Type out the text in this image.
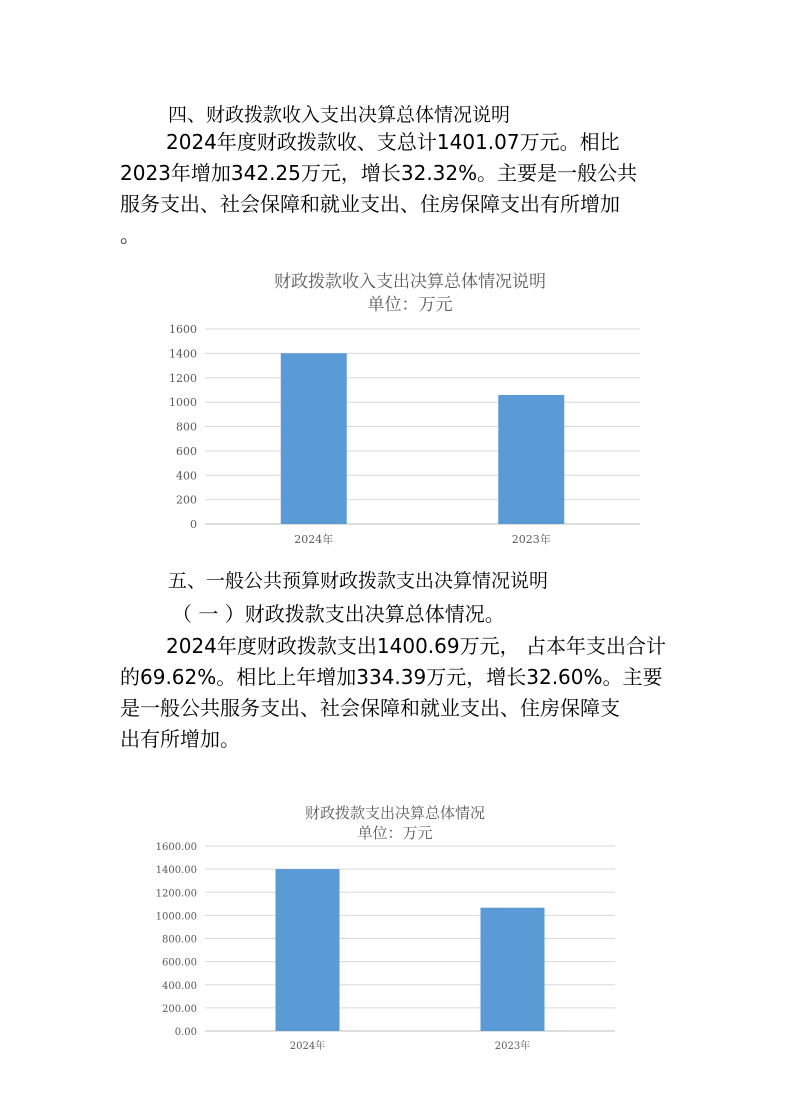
四、财政拨款收入支出决算总体情况说明
2024年度财政拨款收、支总计1401.07万元。相比
2023年增加342.25万元，增长32.32%。主要是一般公共
服务支出、社会保障和就业支出、住房保障支出有所增加
。
财政拨款收入支出决算总体情况说明
单位：万元
0
200
400
600
800
1000
1200
1400
1600
2024年	2023年
五、一般公共预算财政拨款支出决算情况说明
（ 一 ）财政拨款支出决算总体情况。
2024年度财政拨款支出1400.69万元， 占本年支出合计
的69.62%。相比上年增加334.39万元，增长32.60%。主要
是一般公共服务支出、社会保障和就业支出、住房保障支
出有所增加。
财政拨款支出决算总体情况
单位：万元
0.00
200.00
400.00
600.00
800.00
1000.00
1200.00
1400.00
1600.00
2024年	2023年
